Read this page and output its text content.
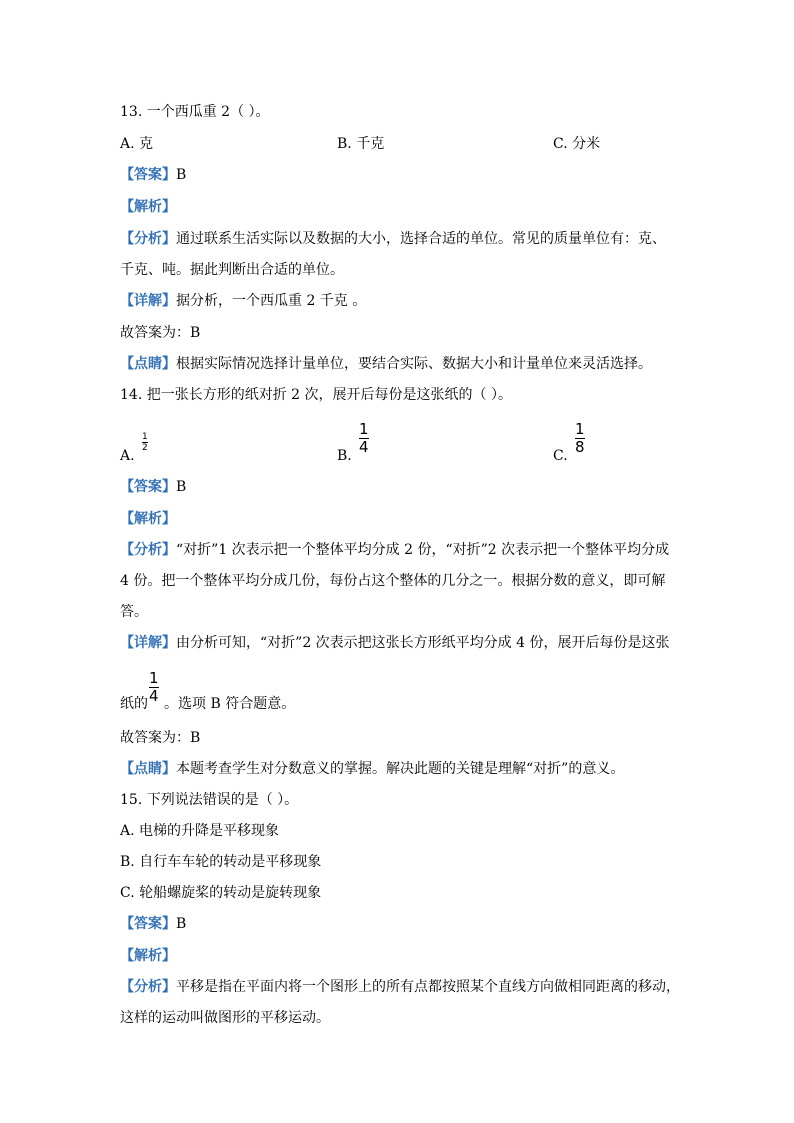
13. 一个西瓜重 2（ ）。
A. 克	B. 千克	C. 分米
【答案】B
【解析】
【分析】通过联系生活实际以及数据的大小，选择合适的单位。常见的质量单位有：克、
千克、吨。据此判断出合适的单位。
【详解】据分析，一个西瓜重 2 千克 。
故答案为：B
【点睛】根据实际情况选择计量单位，要结合实际、数据大小和计量单位来灵活选择。
14. 把一张长方形的纸对折 2 次，展开后每份是这张纸的（ ）。
A.
1
2	B.
1
4	C.
1
8
【答案】B
【解析】
【分析】“对折”1 次表示把一个整体平均分成 2 份，“对折”2 次表示把一个整体平均分成
4 份。把一个整体平均分成几份，每份占这个整体的几分之一。根据分数的意义，即可解
答。
【详解】由分析可知，“对折”2 次表示把这张长方形纸平均分成 4 份，展开后每份是这张
纸的
1
4 。选项 B 符合题意。
故答案为：B
【点睛】本题考查学生对分数意义的掌握。解决此题的关键是理解“对折”的意义。
15. 下列说法错误的是（ ）。
A. 电梯的升降是平移现象
B. 自行车车轮的转动是平移现象
C. 轮船螺旋桨的转动是旋转现象
【答案】B
【解析】
【分析】平移是指在平面内将一个图形上的所有点都按照某个直线方向做相同距离的移动，
这样的运动叫做图形的平移运动。
